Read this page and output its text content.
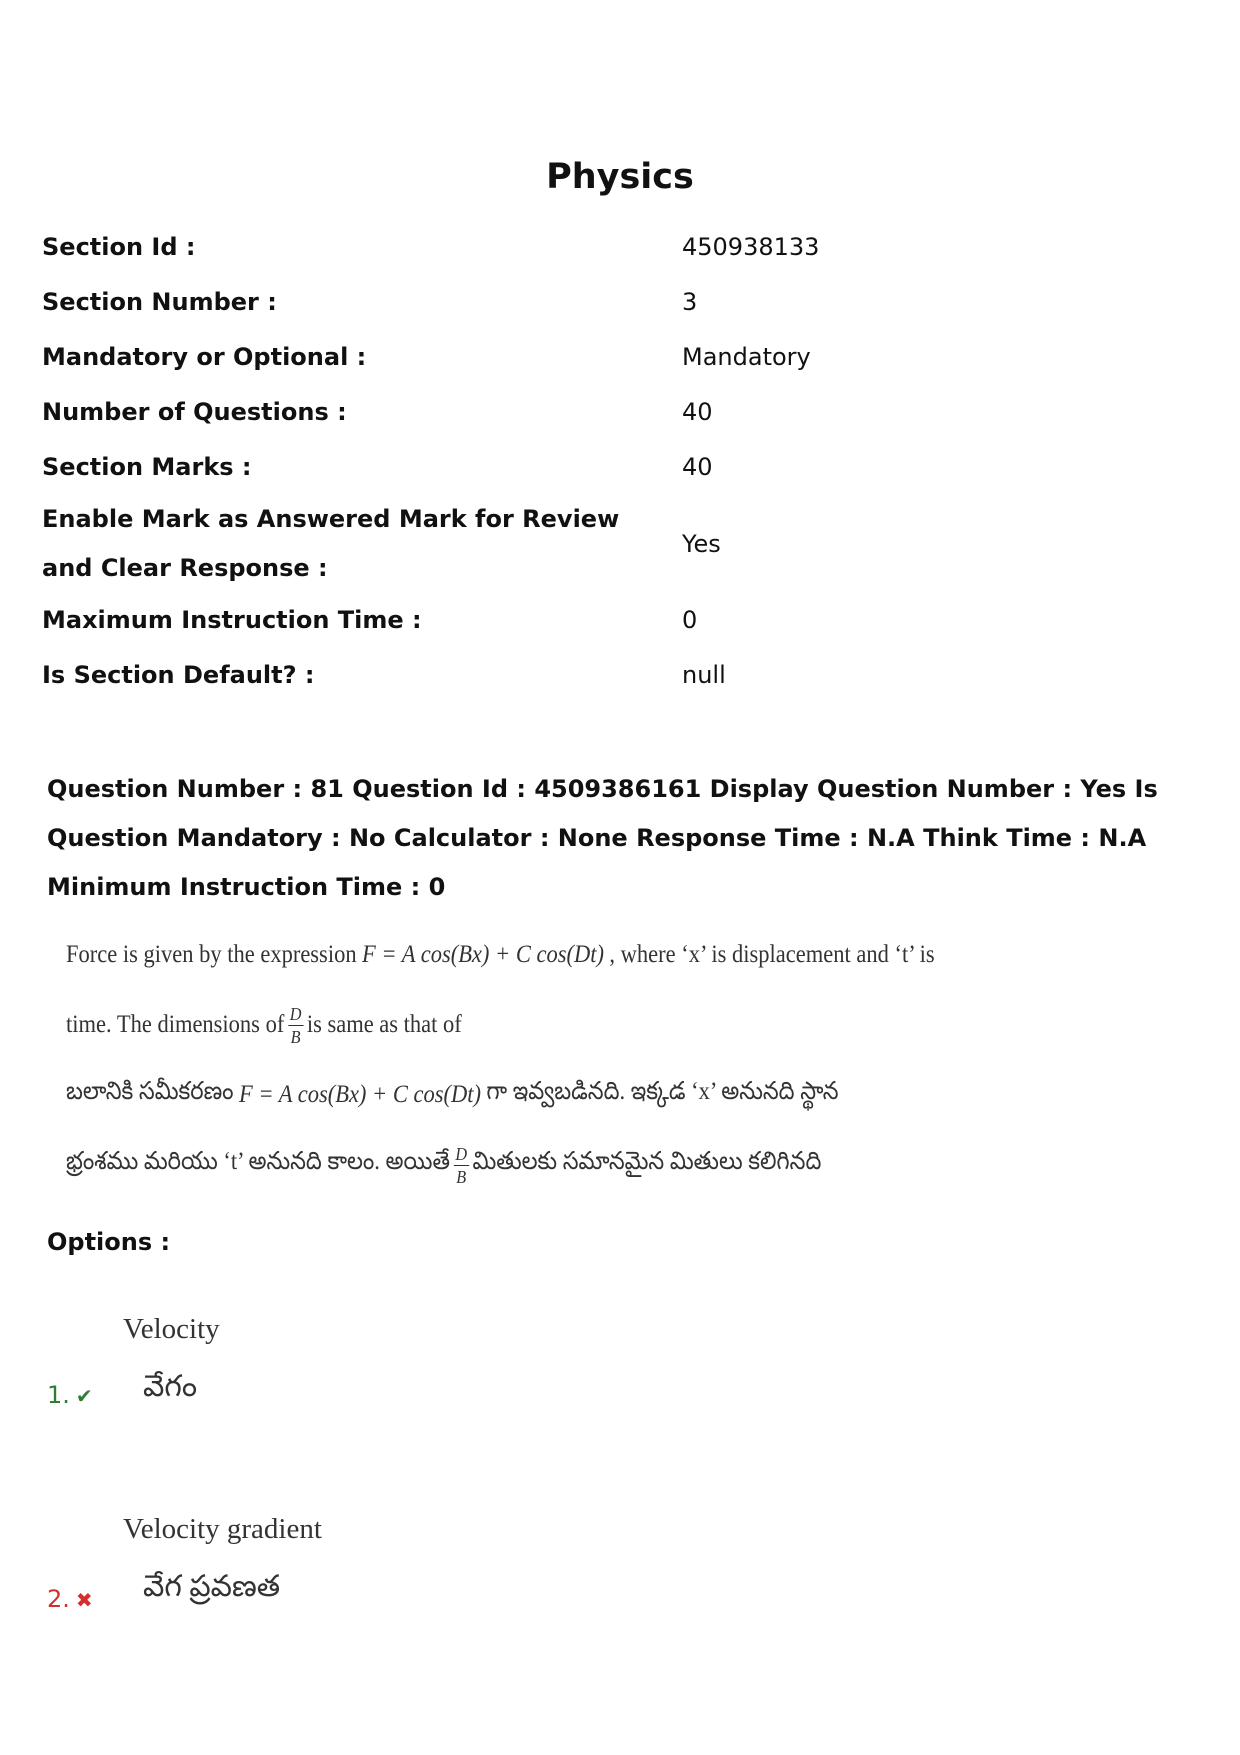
Physics
Section Id :	450938133
Section Number :	3
Mandatory or Optional :	Mandatory
Number of Questions :	40
Section Marks :	40
Enable Mark as Answered Mark for Review and Clear Response :
Yes
Maximum Instruction Time :	0
Is Section Default? :	null
Question Number : 81 Question Id : 4509386161 Display Question Number : Yes Is Question Mandatory : No Calculator : None Response Time : N.A Think Time : N.A Minimum Instruction Time : 0
Force is given by the expression F = A cos(Bx) + C cos(Dt) , where ‘x’ is displacement and ‘t’ is
time. The dimensions of $\frac{D}{B}$ is same as that of
బలానికి సమీకరణం F = A cos(Bx) + C cos(Dt) గా ఇవ్వబడినది. ఇక్కడ ‘x’ అనునది స్థాన
భ్రంశము మరియు ‘t’ అనునది కాలం. అయితే $\frac{D}{B}$ మితులకు సమానమైన మితులు కలిగినది
Options :
1. ✔
Velocity
వేగం
2. ✖
Velocity gradient
వేగ ప్రవణత
